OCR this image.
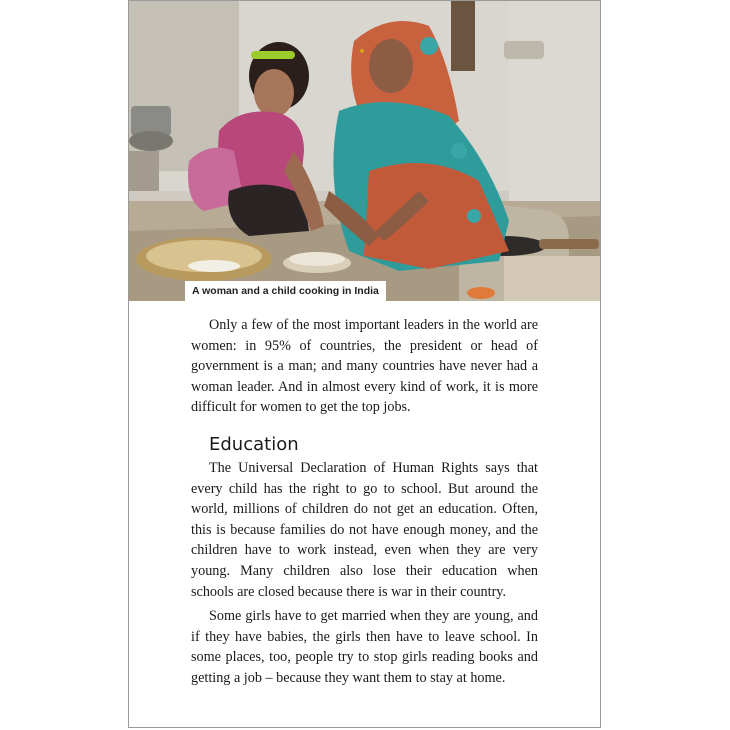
A woman and a child cooking in India

Only a few of the most important leaders in the world are women: in 95% of countries, the president or head of government is a man; and many countries have never had a woman leader. And in almost every kind of work, it is more difficult for women to get the top jobs.

Education

The Universal Declaration of Human Rights says that every child has the right to go to school. But around the world, millions of children do not get an education. Often, this is because families do not have enough money, and the children have to work instead, even when they are very young. Many children also lose their education when schools are closed because there is war in their country.

Some girls have to get married when they are young, and if they have babies, the girls then have to leave school. In some places, too, people try to stop girls reading books and getting a job – because they want them to stay at home.
